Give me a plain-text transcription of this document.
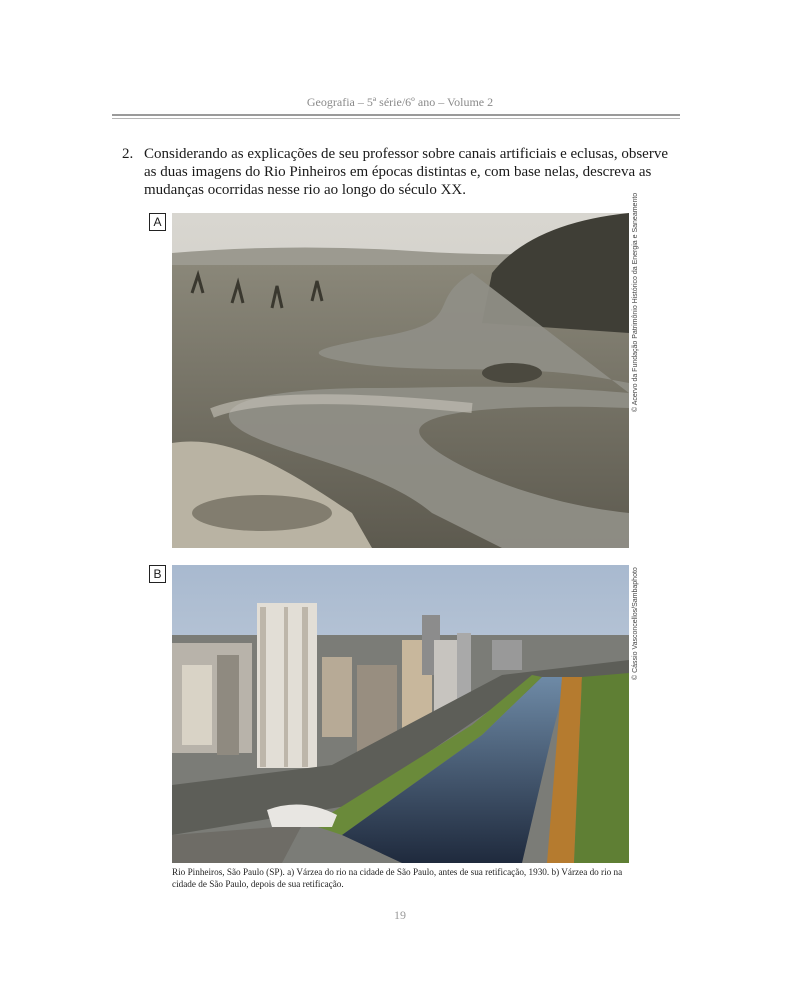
Geografia – 5ª série/6º ano – Volume 2
2. Considerando as explicações de seu professor sobre canais artificiais e eclusas, observe as duas imagens do Rio Pinheiros em épocas distintas e, com base nelas, descreva as mudanças ocorridas nesse rio ao longo do século XX.
A	© Acervo da Fundação Patrimônio Histórico da Energia e Saneamento
B	© Cássio Vasconcellos/Sambaphoto
Rio Pinheiros, São Paulo (SP). a) Várzea do rio na cidade de São Paulo, antes de sua retificação, 1930. b) Várzea do rio na cidade de São Paulo, depois de sua retificação.
19
